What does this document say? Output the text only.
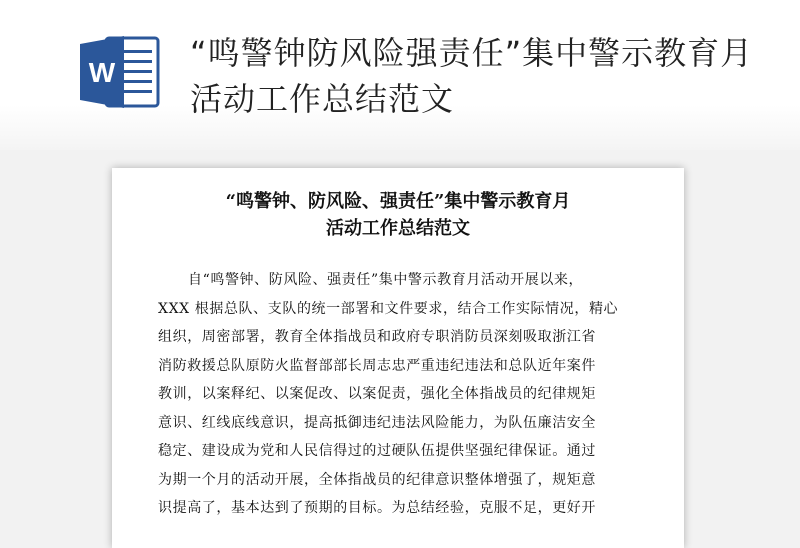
W
“鸣警钟防风险强责任”集中警示教育月活动工作总结范文
“鸣警钟、防风险、强责任”集中警示教育月
活动工作总结范文
自“鸣警钟、防风险、强责任”集中警示教育月活动开展以来，
XXX 根据总队、支队的统一部署和文件要求，结合工作实际情况，精心
组织，周密部署，教育全体指战员和政府专职消防员深刻吸取浙江省
消防救援总队原防火监督部部长周志忠严重违纪违法和总队近年案件
教训，以案释纪、以案促改、以案促责，强化全体指战员的纪律规矩
意识、红线底线意识，提高抵御违纪违法风险能力，为队伍廉洁安全
稳定、建设成为党和人民信得过的过硬队伍提供坚强纪律保证。通过
为期一个月的活动开展，全体指战员的纪律意识整体增强了，规矩意
识提高了，基本达到了预期的目标。为总结经验，克服不足，更好开
